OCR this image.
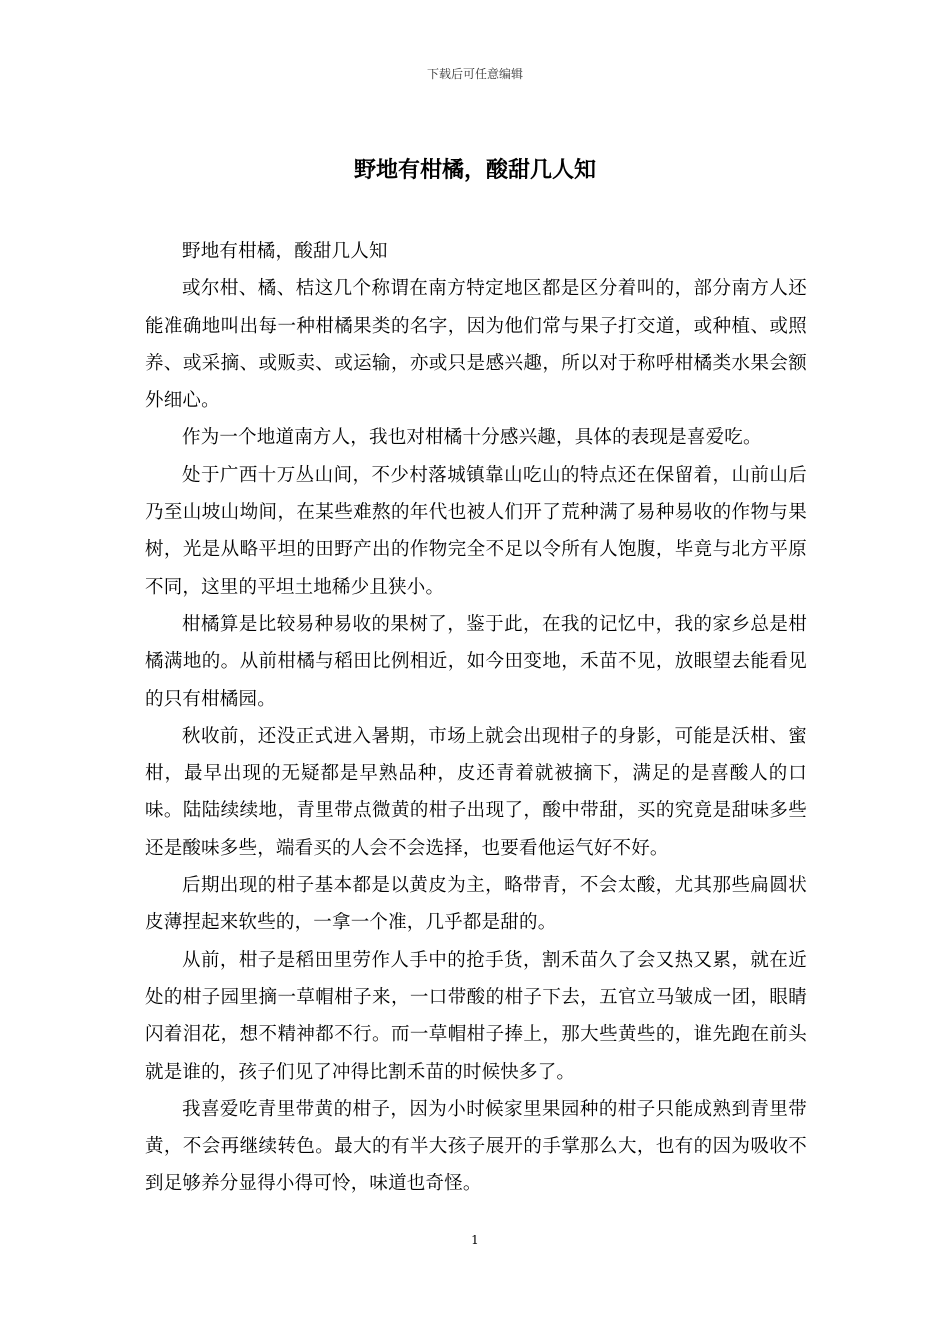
下载后可任意编辑
野地有柑橘，酸甜几人知

野地有柑橘，酸甜几人知

或尔柑、橘、桔这几个称谓在南方特定地区都是区分着叫的，部分南方人还能准确地叫出每一种柑橘果类的名字，因为他们常与果子打交道，或种植、或照养、或采摘、或贩卖、或运输，亦或只是感兴趣，所以对于称呼柑橘类水果会额外细心。

作为一个地道南方人，我也对柑橘十分感兴趣，具体的表现是喜爱吃。

处于广西十万丛山间，不少村落城镇靠山吃山的特点还在保留着，山前山后乃至山坡山坳间，在某些难熬的年代也被人们开了荒种满了易种易收的作物与果树，光是从略平坦的田野产出的作物完全不足以令所有人饱腹，毕竟与北方平原不同，这里的平坦土地稀少且狭小。

柑橘算是比较易种易收的果树了，鉴于此，在我的记忆中，我的家乡总是柑橘满地的。从前柑橘与稻田比例相近，如今田变地，禾苗不见，放眼望去能看见的只有柑橘园。

秋收前，还没正式进入暑期，市场上就会出现柑子的身影，可能是沃柑、蜜柑，最早出现的无疑都是早熟品种，皮还青着就被摘下，满足的是喜酸人的口味。陆陆续续地，青里带点微黄的柑子出现了，酸中带甜，买的究竟是甜味多些还是酸味多些，端看买的人会不会选择，也要看他运气好不好。

后期出现的柑子基本都是以黄皮为主，略带青，不会太酸，尤其那些扁圆状皮薄捏起来软些的，一拿一个准，几乎都是甜的。

从前，柑子是稻田里劳作人手中的抢手货，割禾苗久了会又热又累，就在近处的柑子园里摘一草帽柑子来，一口带酸的柑子下去，五官立马皱成一团，眼睛闪着泪花，想不精神都不行。而一草帽柑子捧上，那大些黄些的，谁先跑在前头就是谁的，孩子们见了冲得比割禾苗的时候快多了。

我喜爱吃青里带黄的柑子，因为小时候家里果园种的柑子只能成熟到青里带黄，不会再继续转色。最大的有半大孩子展开的手掌那么大，也有的因为吸收不到足够养分显得小得可怜，味道也奇怪。

1
